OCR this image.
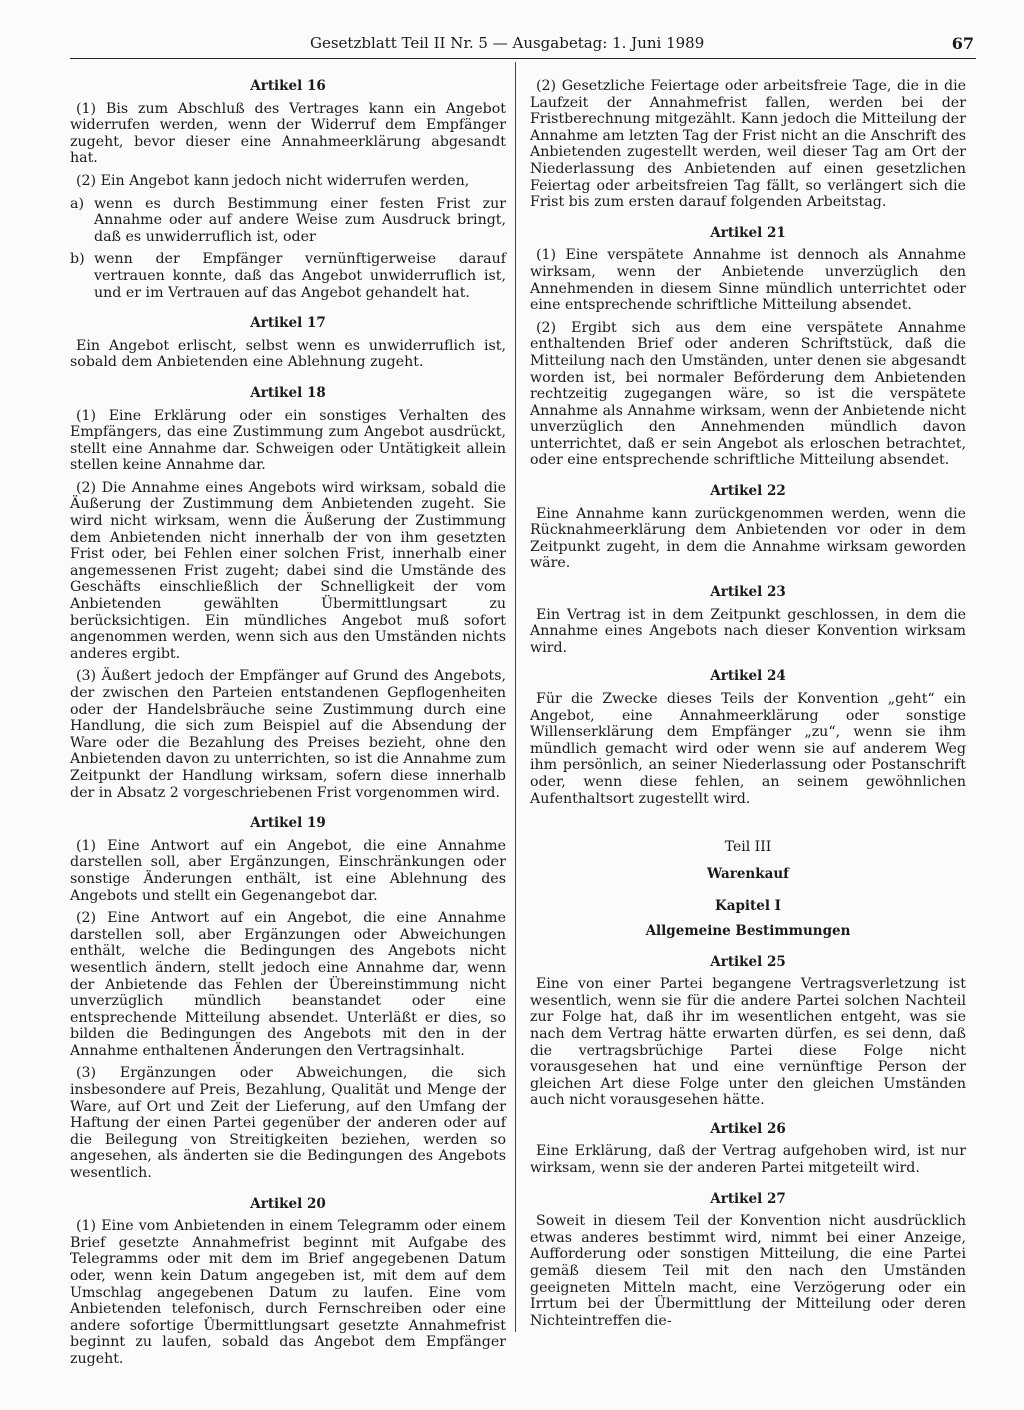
Gesetzblatt Teil II Nr. 5 — Ausgabetag: 1. Juni 1989	67
Artikel 16

(1) Bis zum Abschluß des Vertrages kann ein Angebot widerrufen werden, wenn der Widerruf dem Empfänger zugeht, bevor dieser eine Annahmeerklärung abgesandt hat.

(2) Ein Angebot kann jedoch nicht widerrufen werden,

a) wenn es durch Bestimmung einer festen Frist zur Annahme oder auf andere Weise zum Ausdruck bringt, daß es unwiderruflich ist, oder
b) wenn der Empfänger vernünftigerweise darauf vertrauen konnte, daß das Angebot unwiderruflich ist, und er im Vertrauen auf das Angebot gehandelt hat.
Artikel 17

Ein Angebot erlischt, selbst wenn es unwiderruflich ist, sobald dem Anbietenden eine Ablehnung zugeht.

Artikel 18

(1) Eine Erklärung oder ein sonstiges Verhalten des Empfängers, das eine Zustimmung zum Angebot ausdrückt, stellt eine Annahme dar. Schweigen oder Untätigkeit allein stellen keine Annahme dar.

(2) Die Annahme eines Angebots wird wirksam, sobald die Äußerung der Zustimmung dem Anbietenden zugeht. Sie wird nicht wirksam, wenn die Äußerung der Zustimmung dem Anbietenden nicht innerhalb der von ihm gesetzten Frist oder, bei Fehlen einer solchen Frist, innerhalb einer angemessenen Frist zugeht; dabei sind die Umstände des Geschäfts einschließlich der Schnelligkeit der vom Anbietenden gewählten Übermittlungsart zu berücksichtigen. Ein mündliches Angebot muß sofort angenommen werden, wenn sich aus den Umständen nichts anderes ergibt.

(3) Äußert jedoch der Empfänger auf Grund des Angebots, der zwischen den Parteien entstandenen Gepflogenheiten oder der Handelsbräuche seine Zustimmung durch eine Handlung, die sich zum Beispiel auf die Absendung der Ware oder die Bezahlung des Preises bezieht, ohne den Anbietenden davon zu unterrichten, so ist die Annahme zum Zeitpunkt der Handlung wirksam, sofern diese innerhalb der in Absatz 2 vorgeschriebenen Frist vorgenommen wird.

Artikel 19

(1) Eine Antwort auf ein Angebot, die eine Annahme darstellen soll, aber Ergänzungen, Einschränkungen oder sonstige Änderungen enthält, ist eine Ablehnung des Angebots und stellt ein Gegenangebot dar.

(2) Eine Antwort auf ein Angebot, die eine Annahme darstellen soll, aber Ergänzungen oder Abweichungen enthält, welche die Bedingungen des Angebots nicht wesentlich ändern, stellt jedoch eine Annahme dar, wenn der Anbietende das Fehlen der Übereinstimmung nicht unverzüglich mündlich beanstandet oder eine entsprechende Mitteilung absendet. Unterläßt er dies, so bilden die Bedingungen des Angebots mit den in der Annahme enthaltenen Änderungen den Vertragsinhalt.

(3) Ergänzungen oder Abweichungen, die sich insbesondere auf Preis, Bezahlung, Qualität und Menge der Ware, auf Ort und Zeit der Lieferung, auf den Umfang der Haftung der einen Partei gegenüber der anderen oder auf die Beilegung von Streitigkeiten beziehen, werden so angesehen, als änderten sie die Bedingungen des Angebots wesentlich.

Artikel 20

(1) Eine vom Anbietenden in einem Telegramm oder einem Brief gesetzte Annahmefrist beginnt mit Aufgabe des Telegramms oder mit dem im Brief angegebenen Datum oder, wenn kein Datum angegeben ist, mit dem auf dem Umschlag angegebenen Datum zu laufen. Eine vom Anbietenden telefonisch, durch Fernschreiben oder eine andere sofortige Übermittlungsart gesetzte Annahmefrist beginnt zu laufen, sobald das Angebot dem Empfänger zugeht.

(2) Gesetzliche Feiertage oder arbeitsfreie Tage, die in die Laufzeit der Annahmefrist fallen, werden bei der Fristberechnung mitgezählt. Kann jedoch die Mitteilung der Annahme am letzten Tag der Frist nicht an die Anschrift des Anbietenden zugestellt werden, weil dieser Tag am Ort der Niederlassung des Anbietenden auf einen gesetzlichen Feiertag oder arbeitsfreien Tag fällt, so verlängert sich die Frist bis zum ersten darauf folgenden Arbeitstag.

Artikel 21

(1) Eine verspätete Annahme ist dennoch als Annahme wirksam, wenn der Anbietende unverzüglich den Annehmenden in diesem Sinne mündlich unterrichtet oder eine entsprechende schriftliche Mitteilung absendet.

(2) Ergibt sich aus dem eine verspätete Annahme enthaltenden Brief oder anderen Schriftstück, daß die Mitteilung nach den Umständen, unter denen sie abgesandt worden ist, bei normaler Beförderung dem Anbietenden rechtzeitig zugegangen wäre, so ist die verspätete Annahme als Annahme wirksam, wenn der Anbietende nicht unverzüglich den Annehmenden mündlich davon unterrichtet, daß er sein Angebot als erloschen betrachtet, oder eine entsprechende schriftliche Mitteilung absendet.

Artikel 22

Eine Annahme kann zurückgenommen werden, wenn die Rücknahmeerklärung dem Anbietenden vor oder in dem Zeitpunkt zugeht, in dem die Annahme wirksam geworden wäre.

Artikel 23

Ein Vertrag ist in dem Zeitpunkt geschlossen, in dem die Annahme eines Angebots nach dieser Konvention wirksam wird.

Artikel 24

Für die Zwecke dieses Teils der Konvention „geht“ ein Angebot, eine Annahmeerklärung oder sonstige Willenserklärung dem Empfänger „zu“, wenn sie ihm mündlich gemacht wird oder wenn sie auf anderem Weg ihm persönlich, an seiner Niederlassung oder Postanschrift oder, wenn diese fehlen, an seinem gewöhnlichen Aufenthaltsort zugestellt wird.

Teil III
Warenkauf
Kapitel I
Allgemeine Bestimmungen
Artikel 25

Eine von einer Partei begangene Vertragsverletzung ist wesentlich, wenn sie für die andere Partei solchen Nachteil zur Folge hat, daß ihr im wesentlichen entgeht, was sie nach dem Vertrag hätte erwarten dürfen, es sei denn, daß die vertragsbrüchige Partei diese Folge nicht vorausgesehen hat und eine vernünftige Person der gleichen Art diese Folge unter den gleichen Umständen auch nicht vorausgesehen hätte.

Artikel 26

Eine Erklärung, daß der Vertrag aufgehoben wird, ist nur wirksam, wenn sie der anderen Partei mitgeteilt wird.

Artikel 27

Soweit in diesem Teil der Konvention nicht ausdrücklich etwas anderes bestimmt wird, nimmt bei einer Anzeige, Aufforderung oder sonstigen Mitteilung, die eine Partei gemäß diesem Teil mit den nach den Umständen geeigneten Mitteln macht, eine Verzögerung oder ein Irrtum bei der Übermittlung der Mitteilung oder deren Nichteintreffen die-
